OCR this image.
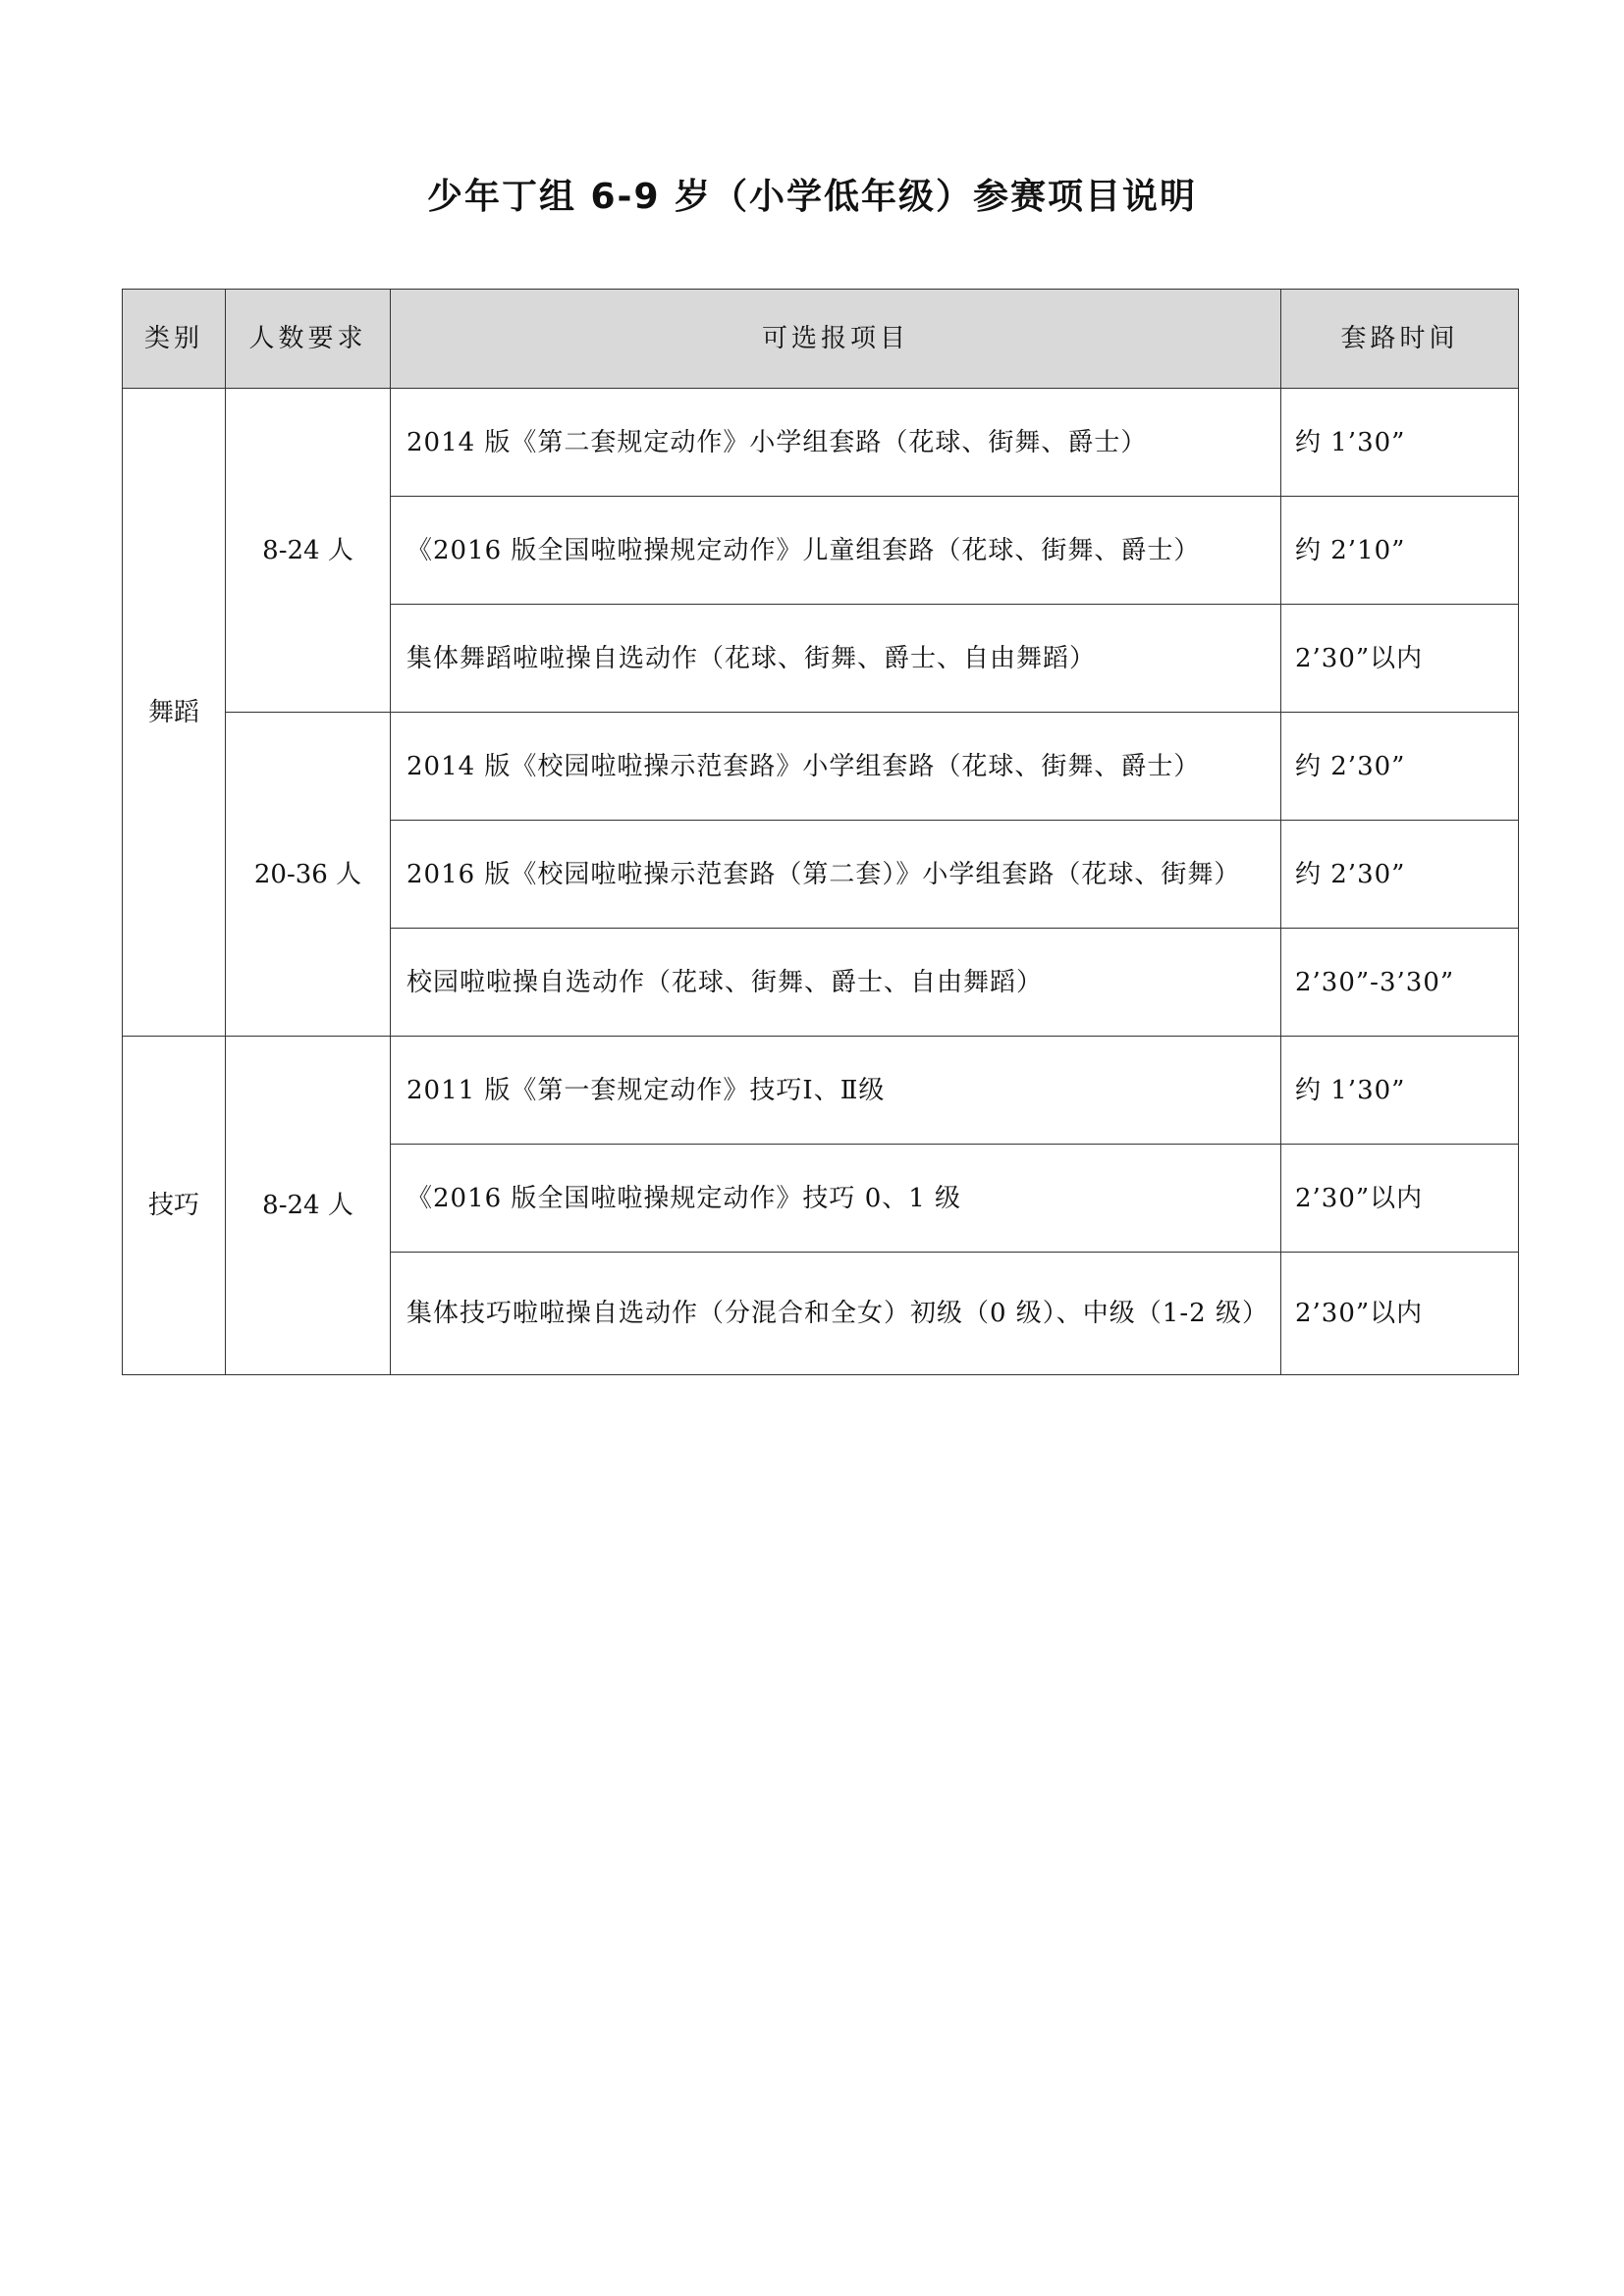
少年丁组 6-9 岁（小学低年级）参赛项目说明
类别	人数要求	可选报项目	套路时间
舞蹈	8-24 人	2014 版《第二套规定动作》小学组套路（花球、街舞、爵士）	约 1’30”
		《2016 版全国啦啦操规定动作》儿童组套路（花球、街舞、爵士）	约 2’10”
		集体舞蹈啦啦操自选动作（花球、街舞、爵士、自由舞蹈）	2’30”以内
	20-36 人	2014 版《校园啦啦操示范套路》小学组套路（花球、街舞、爵士）	约 2’30”
		2016 版《校园啦啦操示范套路（第二套）》小学组套路（花球、街舞）	约 2’30”
		校园啦啦操自选动作（花球、街舞、爵士、自由舞蹈）	2’30”-3’30”
技巧	8-24 人	2011 版《第一套规定动作》技巧Ⅰ、Ⅱ级	约 1’30”
		《2016 版全国啦啦操规定动作》技巧 0、1 级	2’30”以内
		集体技巧啦啦操自选动作（分混合和全女）初级（0 级）、中级（1-2 级）	2’30”以内
